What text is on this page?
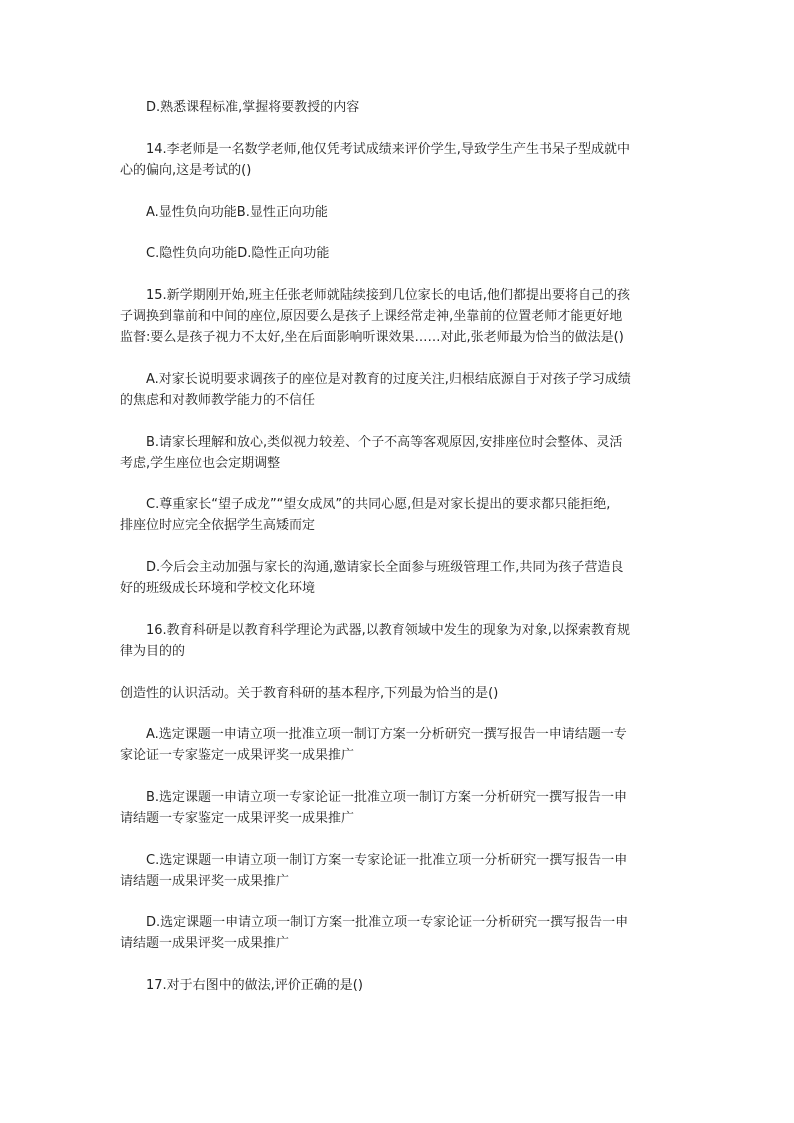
D.熟悉课程标准,掌握将要教授的内容
14.李老师是一名数学老师,他仅凭考试成绩来评价学生,导致学生产生书呆子型成就中
心的偏向,这是考试的()
A.显性负向功能B.显性正向功能
C.隐性负向功能D.隐性正向功能
15.新学期刚开始,班主任张老师就陆续接到几位家长的电话,他们都提出要将自己的孩
子调换到靠前和中间的座位,原因要么是孩子上课经常走神,坐靠前的位置老师才能更好地
监督:要么是孩子视力不太好,坐在后面影响听课效果……对此,张老师最为恰当的做法是()
A.对家长说明要求调孩子的座位是对教育的过度关注,归根结底源自于对孩子学习成绩
的焦虑和对教师教学能力的不信任
B.请家长理解和放心,类似视力较差、个子不高等客观原因,安排座位时会整体、灵活
考虑,学生座位也会定期调整
C.尊重家长“望子成龙”“望女成凤”的共同心愿,但是对家长提出的要求都只能拒绝,
排座位时应完全依据学生高矮而定
D.今后会主动加强与家长的沟通,邀请家长全面参与班级管理工作,共同为孩子营造良
好的班级成长环境和学校文化环境
16.教育科研是以教育科学理论为武器,以教育领域中发生的现象为对象,以探索教育规
律为目的的
创造性的认识活动。关于教育科研的基本程序,下列最为恰当的是()
A.选定课题一申请立项一批准立项一制订方案一分析研究一撰写报告一申请结题一专
家论证一专家鉴定一成果评奖一成果推广
B.选定课题一申请立项一专家论证一批准立项一制订方案一分析研究一撰写报告一申
请结题一专家鉴定一成果评奖一成果推广
C.选定课题一申请立项一制订方案一专家论证一批准立项一分析研究一撰写报告一申
请结题一成果评奖一成果推广
D.选定课题一申请立项一制订方案一批准立项一专家论证一分析研究一撰写报告一申
请结题一成果评奖一成果推广
17.对于右图中的做法,评价正确的是()
